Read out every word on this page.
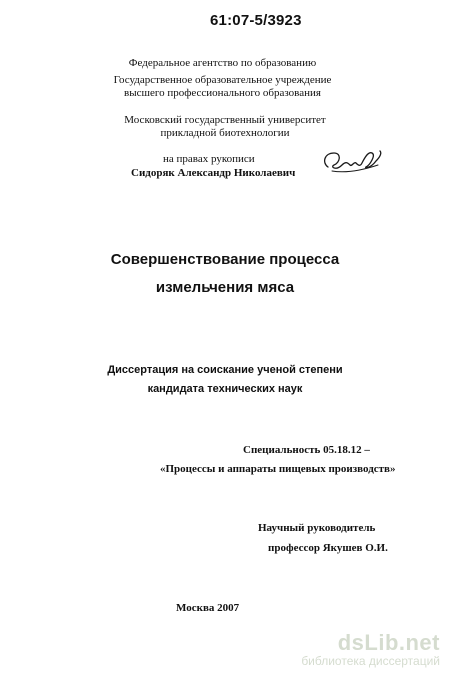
61:07-5/3923
Федеральное агентство по образованию
Государственное образовательное учреждение
высшего профессионального образования
Московский государственный университет
прикладной биотехнологии
на правах рукописи
Сидоряк Александр Николаевич
Совершенствование процесса
измельчения мяса
Диссертация на соискание ученой степени
кандидата технических наук
Специальность 05.18.12 –
«Процессы и аппараты пищевых производств»
Научный руководитель
профессор Якушев О.И.
Москва 2007
dsLib.net
библиотека диссертаций
